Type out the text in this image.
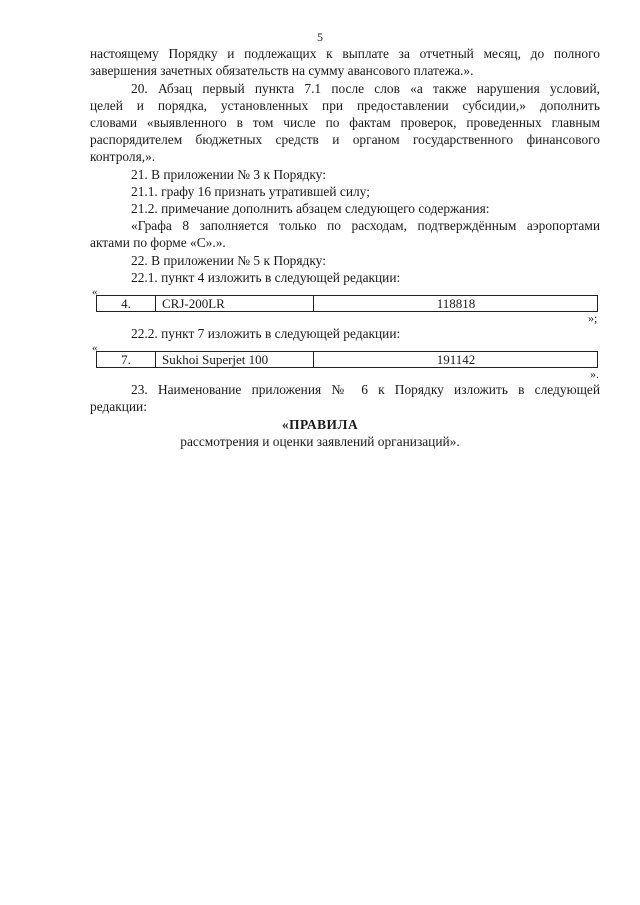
5
настоящему Порядку и подлежащих к выплате за отчетный месяц, до полного
завершения зачетных обязательств на сумму авансового платежа.».
20. Абзац первый пункта 7.1 после слов «а также нарушения условий,
целей и порядка, установленных при предоставлении субсидии,» дополнить
словами «выявленного в том числе по фактам проверок, проведенных главным
распорядителем бюджетных средств и органом государственного финансового
контроля,».
21. В приложении № 3 к Порядку:
21.1. графу 16 признать утратившей силу;
21.2. примечание дополнить абзацем следующего содержания:
«Графа 8 заполняется только по расходам, подтверждённым аэропортами
актами по форме «С».».
22. В приложении № 5 к Порядку:
22.1. пункт 4 изложить в следующей редакции:
«
4.	CRJ-200LR	118818
»;
22.2. пункт 7 изложить в следующей редакции:
«
7.	Sukhoi Superjet 100	191142
».
23. Наименование приложения № 6 к Порядку изложить в следующей
редакции:
«ПРАВИЛА
рассмотрения и оценки заявлений организаций».
